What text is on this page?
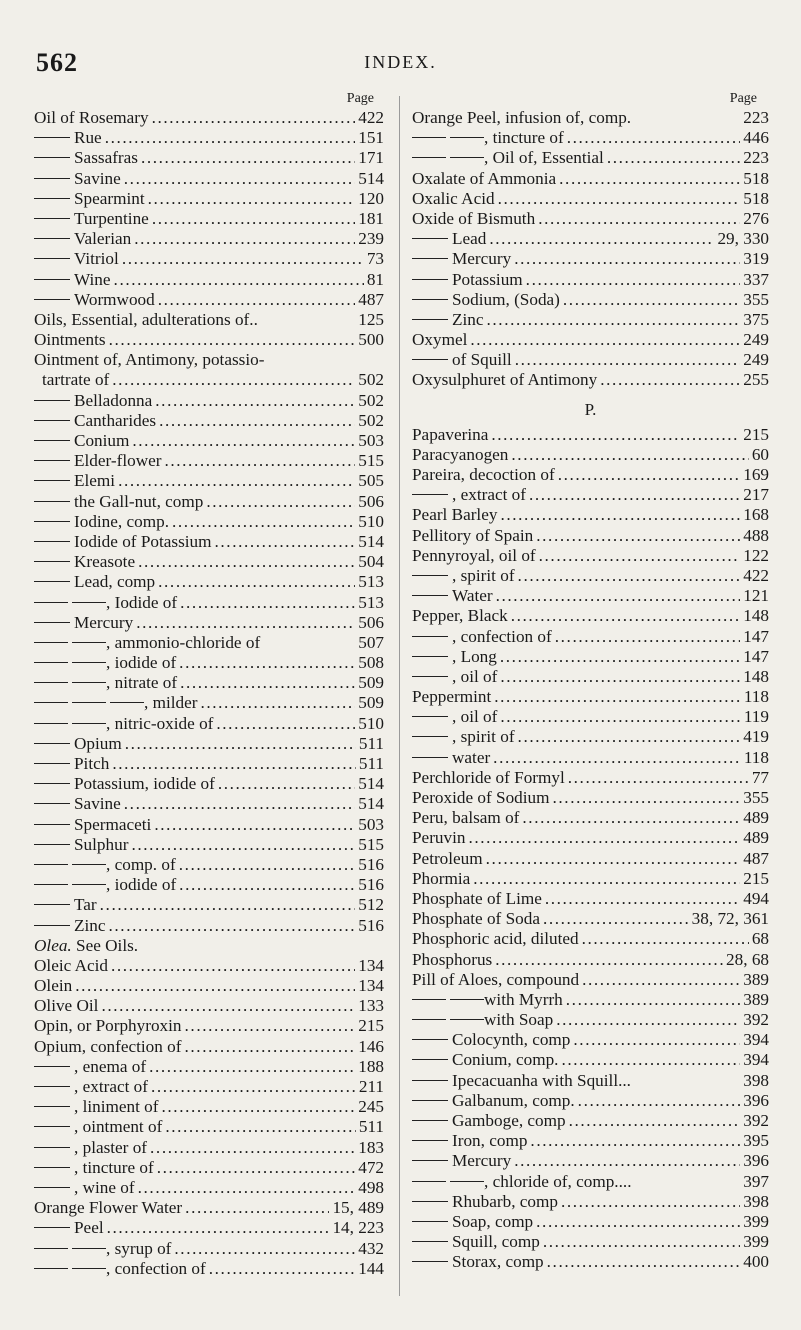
562	INDEX.
Page
Oil of Rosemary .....	422
Rue .....	151
Sassafras .....	171
Savine .....	514
Spearmint .....	120
Turpentine .....	181
Valerian .....	239
Vitriol .....	73
Wine .....	81
Wormwood .....	487
Oils, Essential, adulterations of..	125
Ointments .....	500
Ointment of, Antimony, potassio-
tartrate of .....	502
Belladonna .....	502
Cantharides .....	502
Conium .....	503
Elder-flower .....	515
Elemi .....	505
the Gall-nut, comp .....	506
Iodine, comp. .....	510
Iodide of Potassium .....	514
Kreasote .....	504
Lead, comp .....	513
, Iodide of .....	513
Mercury .....	506
, ammonio-chloride of	507
, iodide of .....	508
, nitrate of .....	509
, milder .....	509
, nitric-oxide of .....	510
Opium .....	511
Pitch .....	511
Potassium, iodide of .....	514
Savine .....	514
Spermaceti .....	503
Sulphur .....	515
, comp. of .....	516
, iodide of .....	516
Tar .....	512
Zinc .....	516
Olea. See Oils.
Oleic Acid .....	134
Olein .....	134
Olive Oil .....	133
Opin, or Porphyroxin .....	215
Opium, confection of .....	146
, enema of .....	188
, extract of .....	211
, liniment of .....	245
, ointment of .....	511
, plaster of .....	183
, tincture of .....	472
, wine of .....	498
Orange Flower Water .....	15, 489
Peel .....	14, 223
, syrup of .....	432
, confection of .....	144
Page
Orange Peel, infusion of, comp.	223
, tincture of .....	446
, Oil of, Essential .....	223
Oxalate of Ammonia .....	518
Oxalic Acid .....	518
Oxide of Bismuth .....	276
Lead .....	29, 330
Mercury .....	319
Potassium .....	337
Sodium, (Soda) .....	355
Zinc .....	375
Oxymel .....	249
of Squill .....	249
Oxysulphuret of Antimony .....	255
P.
Papaverina .....	215
Paracyanogen .....	60
Pareira, decoction of .....	169
, extract of .....	217
Pearl Barley .....	168
Pellitory of Spain .....	488
Pennyroyal, oil of .....	122
, spirit of .....	422
Water .....	121
Pepper, Black .....	148
, confection of .....	147
, Long .....	147
, oil of .....	148
Peppermint .....	118
, oil of .....	119
, spirit of .....	419
water .....	118
Perchloride of Formyl .....	77
Peroxide of Sodium .....	355
Peru, balsam of .....	489
Peruvin .....	489
Petroleum .....	487
Phormia .....	215
Phosphate of Lime .....	494
Phosphate of Soda .....	38, 72, 361
Phosphoric acid, diluted .....	68
Phosphorus .....	28, 68
Pill of Aloes, compound .....	389
with Myrrh .....	389
with Soap .....	392
Colocynth, comp .....	394
Conium, comp. .....	394
Ipecacuanha with Squill...	398
Galbanum, comp. .....	396
Gamboge, comp .....	392
Iron, comp .....	395
Mercury .....	396
, chloride of, comp....	397
Rhubarb, comp .....	398
Soap, comp .....	399
Squill, comp .....	399
Storax, comp .....	400
